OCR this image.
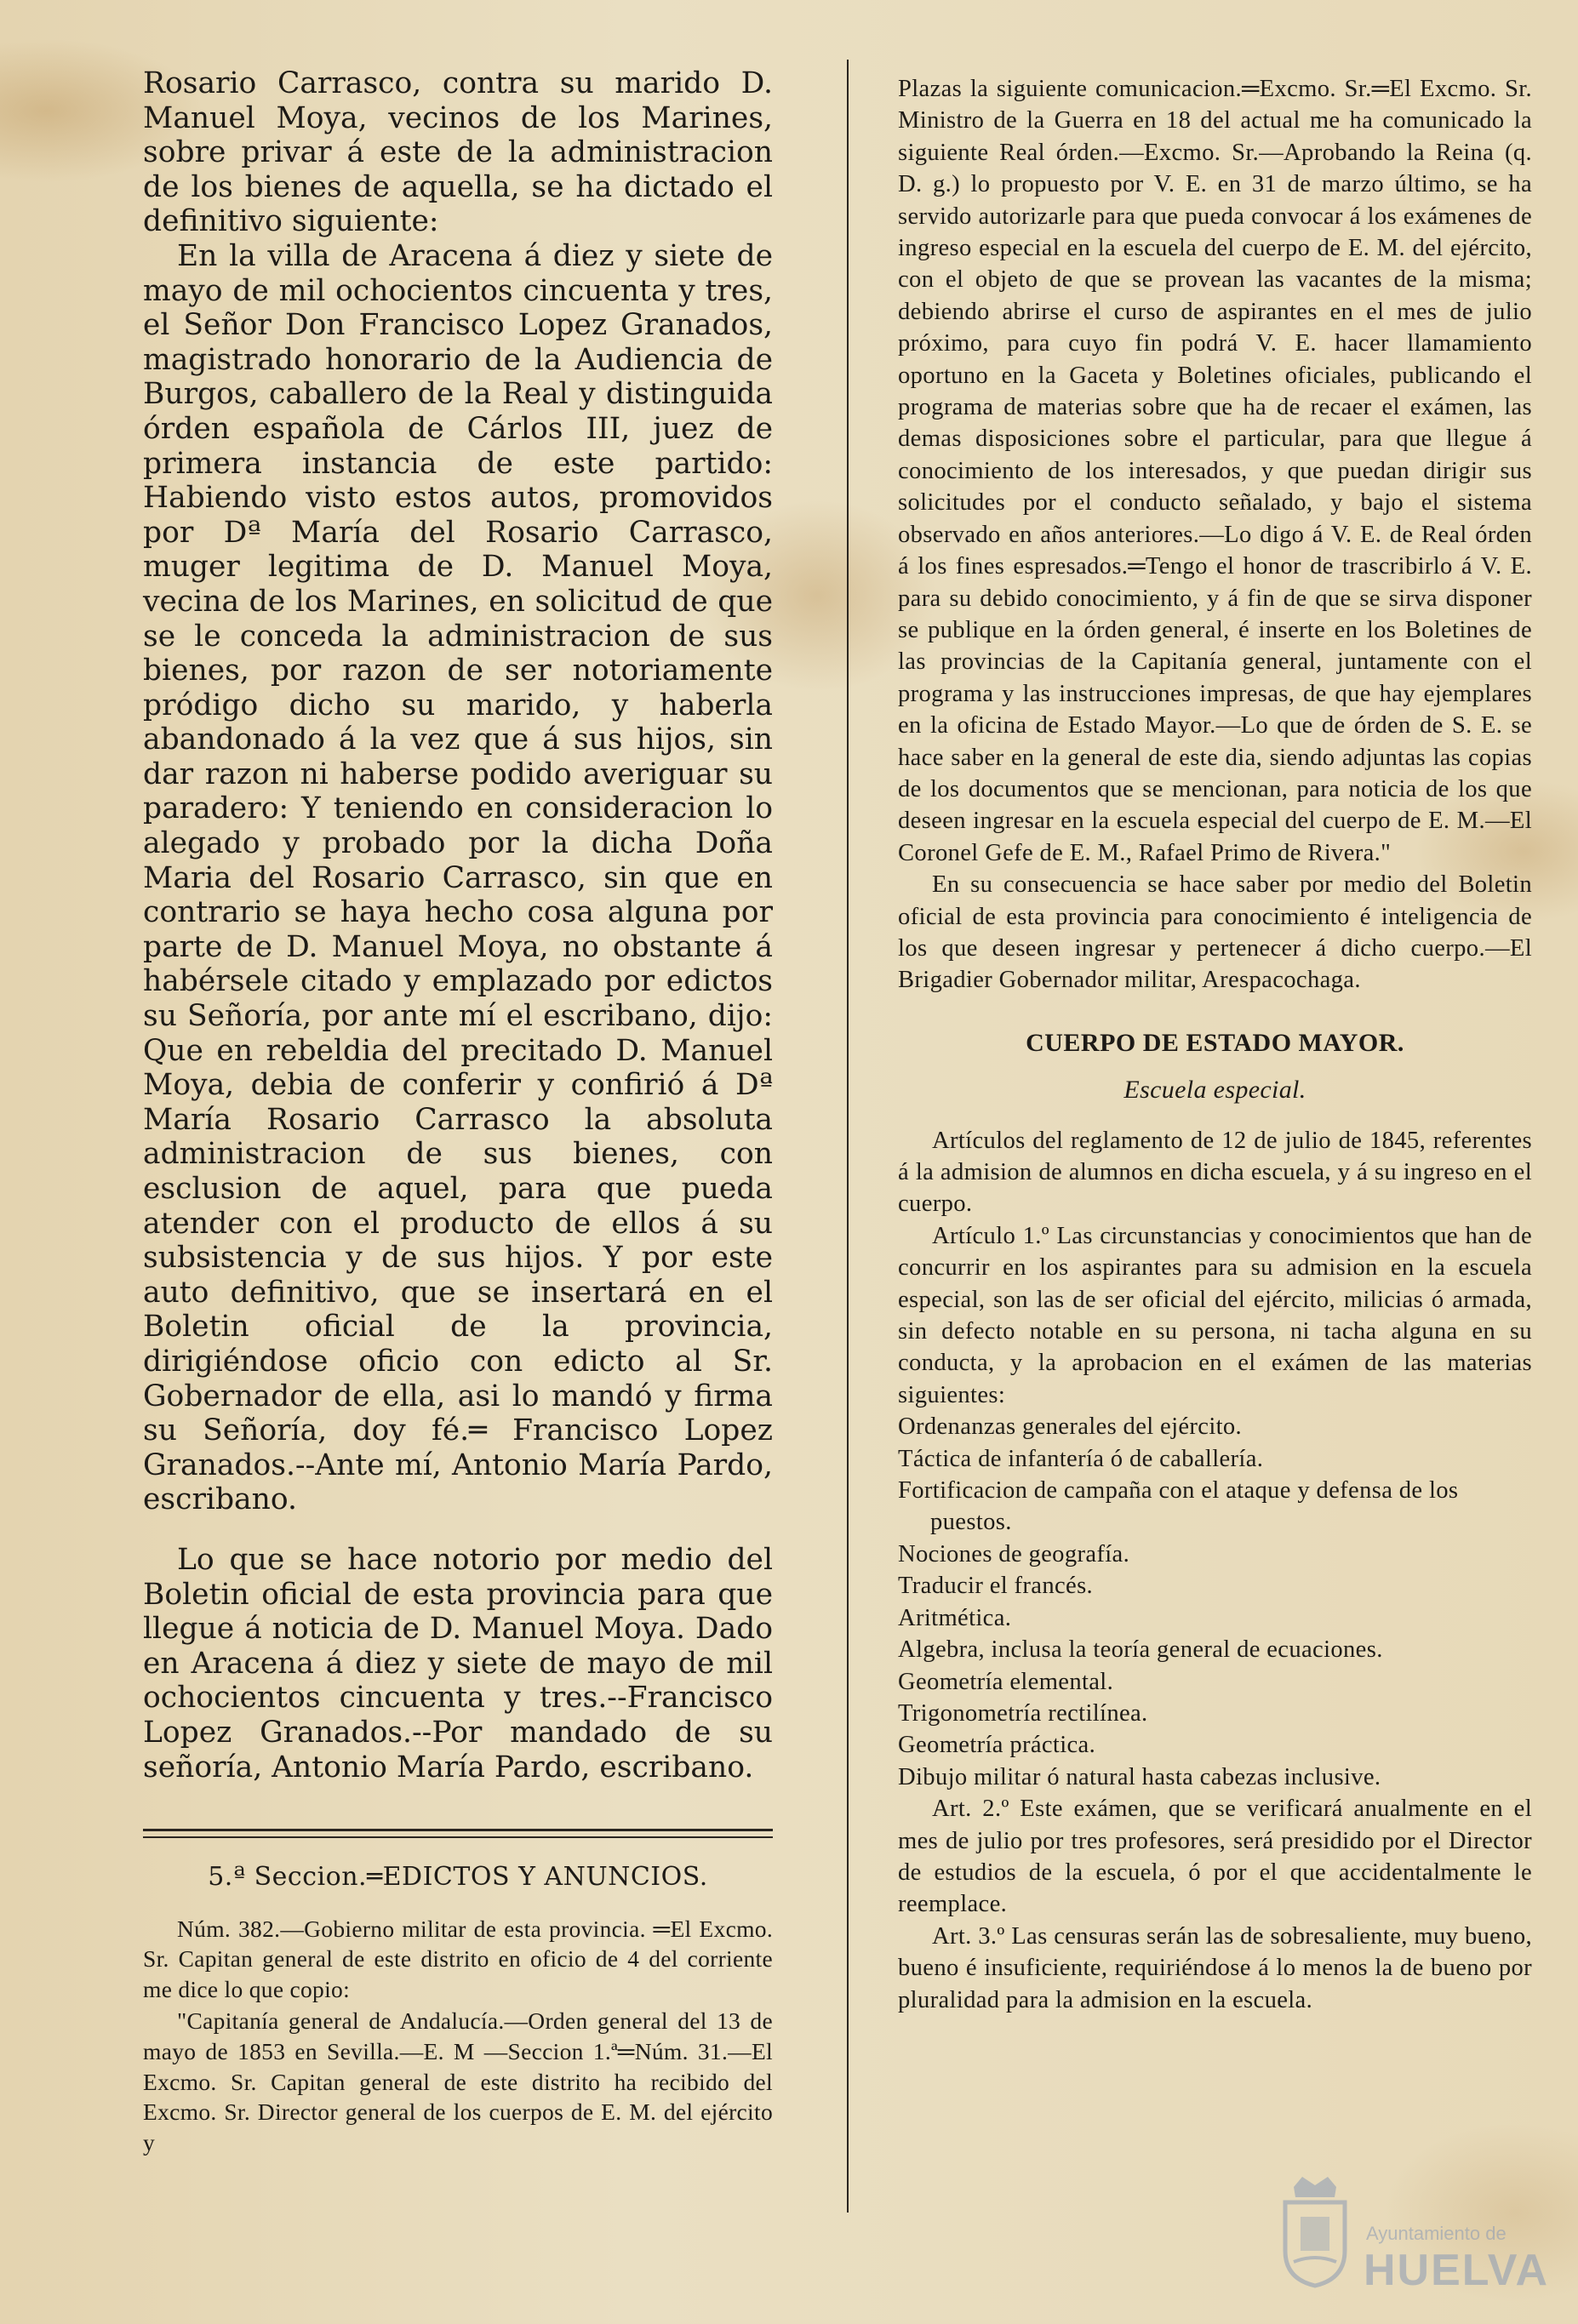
Rosario Carrasco, contra su marido D. Manuel Moya, vecinos de los Marines, sobre privar á este de la administracion de los bienes de aquella, se ha dictado el definitivo siguiente:

En la villa de Aracena á diez y siete de mayo de mil ochocientos cincuenta y tres, el Señor Don Francisco Lopez Granados, magistrado honorario de la Audiencia de Burgos, caballero de la Real y distinguida órden española de Cárlos III, juez de primera instancia de este partido: Habiendo visto estos autos, promovidos por Dª María del Rosario Carrasco, muger legitima de D. Manuel Moya, vecina de los Marines, en solicitud de que se le conceda la administracion de sus bienes, por razon de ser notoriamente pródigo dicho su marido, y haberla abandonado á la vez que á sus hijos, sin dar razon ni haberse podido averiguar su paradero: Y teniendo en consideracion lo alegado y probado por la dicha Doña Maria del Rosario Carrasco, sin que en contrario se haya hecho cosa alguna por parte de D. Manuel Moya, no obstante á habérsele citado y emplazado por edictos su Señoría, por ante mí el escribano, dijo: Que en rebeldia del precitado D. Manuel Moya, debia de conferir y confirió á Dª María Rosario Carrasco la absoluta administracion de sus bienes, con esclusion de aquel, para que pueda atender con el producto de ellos á su subsistencia y de sus hijos. Y por este auto definitivo, que se insertará en el Boletin oficial de la provincia, dirigiéndose oficio con edicto al Sr. Gobernador de ella, asi lo mandó y firma su Señoría, doy fé.═ Francisco Lopez Granados.--Ante mí, Antonio María Pardo, escribano.

Lo que se hace notorio por medio del Boletin oficial de esta provincia para que llegue á noticia de D. Manuel Moya. Dado en Aracena á diez y siete de mayo de mil ochocientos cincuenta y tres.--Francisco Lopez Granados.--Por mandado de su señoría, Antonio María Pardo, escribano.

5.ª Seccion.═EDICTOS Y ANUNCIOS.

Núm. 382.—Gobierno militar de esta provincia. ═El Excmo. Sr. Capitan general de este distrito en oficio de 4 del corriente me dice lo que copio:

"Capitanía general de Andalucía.—Orden general del 13 de mayo de 1853 en Sevilla.—E. M —Seccion 1.ª═Núm. 31.—El Excmo. Sr. Capitan general de este distrito ha recibido del Excmo. Sr. Director general de los cuerpos de E. M. del ejército y

Plazas la siguiente comunicacion.═Excmo. Sr.═El Excmo. Sr. Ministro de la Guerra en 18 del actual me ha comunicado la siguiente Real órden.—Excmo. Sr.—Aprobando la Reina (q. D. g.) lo propuesto por V. E. en 31 de marzo último, se ha servido autorizarle para que pueda convocar á los exámenes de ingreso especial en la escuela del cuerpo de E. M. del ejército, con el objeto de que se provean las vacantes de la misma; debiendo abrirse el curso de aspirantes en el mes de julio próximo, para cuyo fin podrá V. E. hacer llamamiento oportuno en la Gaceta y Boletines oficiales, publicando el programa de materias sobre que ha de recaer el exámen, las demas disposiciones sobre el particular, para que llegue á conocimiento de los interesados, y que puedan dirigir sus solicitudes por el conducto señalado, y bajo el sistema observado en años anteriores.—Lo digo á V. E. de Real órden á los fines espresados.═Tengo el honor de trascribirlo á V. E. para su debido conocimiento, y á fin de que se sirva disponer se publique en la órden general, é inserte en los Boletines de las provincias de la Capitanía general, juntamente con el programa y las instrucciones impresas, de que hay ejemplares en la oficina de Estado Mayor.—Lo que de órden de S. E. se hace saber en la general de este dia, siendo adjuntas las copias de los documentos que se mencionan, para noticia de los que deseen ingresar en la escuela especial del cuerpo de E. M.—El Coronel Gefe de E. M., Rafael Primo de Rivera."

En su consecuencia se hace saber por medio del Boletin oficial de esta provincia para conocimiento é inteligencia de los que deseen ingresar y pertenecer á dicho cuerpo.—El Brigadier Gobernador militar, Arespacochaga.

CUERPO DE ESTADO MAYOR.
Escuela especial.

Artículos del reglamento de 12 de julio de 1845, referentes á la admision de alumnos en dicha escuela, y á su ingreso en el cuerpo.

Artículo 1.º Las circunstancias y conocimientos que han de concurrir en los aspirantes para su admision en la escuela especial, son las de ser oficial del ejército, milicias ó armada, sin defecto notable en su persona, ni tacha alguna en su conducta, y la aprobacion en el exámen de las materias siguientes:

Ordenanzas generales del ejército.

Táctica de infantería ó de caballería.

Fortificacion de campaña con el ataque y defensa de los puestos.

Nociones de geografía.

Traducir el francés.

Aritmética.

Algebra, inclusa la teoría general de ecuaciones.

Geometría elemental.

Trigonometría rectilínea.

Geometría práctica.

Dibujo militar ó natural hasta cabezas inclusive.

Art. 2.º Este exámen, que se verificará anualmente en el mes de julio por tres profesores, será presidido por el Director de estudios de la escuela, ó por el que accidentalmente le reemplace.

Art. 3.º Las censuras serán las de sobresaliente, muy bueno, bueno é insuficiente, requiriéndose á lo menos la de bueno por pluralidad para la admision en la escuela.

Ayuntamiento de
HUELVA
